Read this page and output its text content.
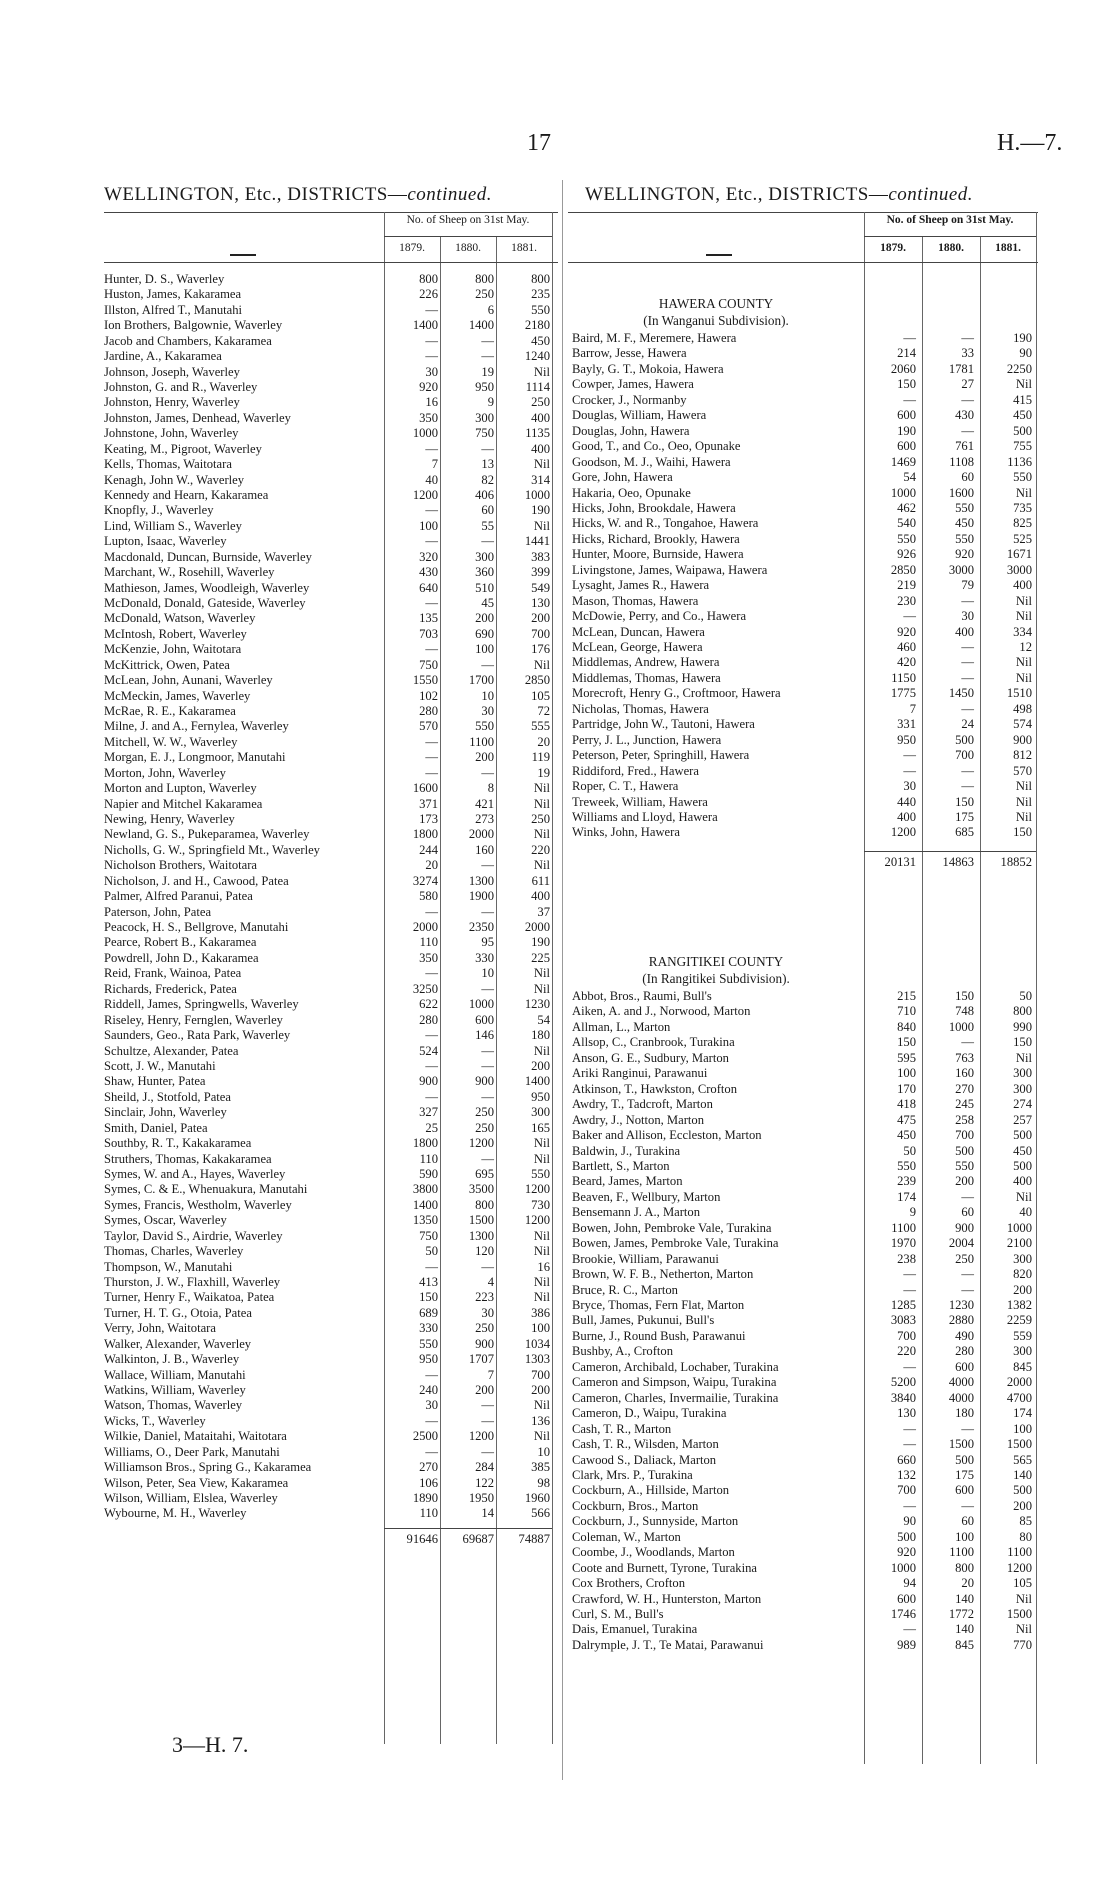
17	H.—7.
WELLINGTON, Etc., DISTRICTS—continued.	WELLINGTON, Etc., DISTRICTS—continued.
No. of Sheep on 31st May.
1879.	1880.	1881.
No. of Sheep on 31st May.
1879.	1880.	1881.
Hunter, D. S., Waverley	800	800	800
Huston, James, Kakaramea	226	250	235
Illston, Alfred T., Manutahi	—	6	550
Ion Brothers, Balgownie, Waverley	1400	1400	2180
Jacob and Chambers, Kakaramea	—	—	450
Jardine, A., Kakaramea	—	—	1240
Johnson, Joseph, Waverley	30	19	Nil
Johnston, G. and R., Waverley	920	950	1114
Johnston, Henry, Waverley	16	9	250
Johnston, James, Denhead, Waverley	350	300	400
Johnstone, John, Waverley	1000	750	1135
Keating, M., Pigroot, Waverley	—	—	400
Kells, Thomas, Waitotara	7	13	Nil
Kenagh, John W., Waverley	40	82	314
Kennedy and Hearn, Kakaramea	1200	406	1000
Knopfly, J., Waverley	—	60	190
Lind, William S., Waverley	100	55	Nil
Lupton, Isaac, Waverley	—	—	1441
Macdonald, Duncan, Burnside, Waverley	320	300	383
Marchant, W., Rosehill, Waverley	430	360	399
Mathieson, James, Woodleigh, Waverley	640	510	549
McDonald, Donald, Gateside, Waverley	—	45	130
McDonald, Watson, Waverley	135	200	200
McIntosh, Robert, Waverley	703	690	700
McKenzie, John, Waitotara	—	100	176
McKittrick, Owen, Patea	750	—	Nil
McLean, John, Aunani, Waverley	1550	1700	2850
McMeckin, James, Waverley	102	10	105
McRae, R. E., Kakaramea	280	30	72
Milne, J. and A., Fernylea, Waverley	570	550	555
Mitchell, W. W., Waverley	—	1100	20
Morgan, E. J., Longmoor, Manutahi	—	200	119
Morton, John, Waverley	—	—	19
Morton and Lupton, Waverley	1600	8	Nil
Napier and Mitchel Kakaramea	371	421	Nil
Newing, Henry, Waverley	173	273	250
Newland, G. S., Pukeparamea, Waverley	1800	2000	Nil
Nicholls, G. W., Springfield Mt., Waverley	244	160	220
Nicholson Brothers, Waitotara	20	—	Nil
Nicholson, J. and H., Cawood, Patea	3274	1300	611
Palmer, Alfred Paranui, Patea	580	1900	400
Paterson, John, Patea	—	—	37
Peacock, H. S., Bellgrove, Manutahi	2000	2350	2000
Pearce, Robert B., Kakaramea	110	95	190
Powdrell, John D., Kakaramea	350	330	225
Reid, Frank, Wainoa, Patea	—	10	Nil
Richards, Frederick, Patea	3250	—	Nil
Riddell, James, Springwells, Waverley	622	1000	1230
Riseley, Henry, Fernglen, Waverley	280	600	54
Saunders, Geo., Rata Park, Waverley	—	146	180
Schultze, Alexander, Patea	524	—	Nil
Scott, J. W., Manutahi	—	—	200
Shaw, Hunter, Patea	900	900	1400
Sheild, J., Stotfold, Patea	—	—	950
Sinclair, John, Waverley	327	250	300
Smith, Daniel, Patea	25	250	165
Southby, R. T., Kakakaramea	1800	1200	Nil
Struthers, Thomas, Kakakaramea	110	—	Nil
Symes, W. and A., Hayes, Waverley	590	695	550
Symes, C. & E., Whenuakura, Manutahi	3800	3500	1200
Symes, Francis, Westholm, Waverley	1400	800	730
Symes, Oscar, Waverley	1350	1500	1200
Taylor, David S., Airdrie, Waverley	750	1300	Nil
Thomas, Charles, Waverley	50	120	Nil
Thompson, W., Manutahi	—	—	16
Thurston, J. W., Flaxhill, Waverley	413	4	Nil
Turner, Henry F., Waikatoa, Patea	150	223	Nil
Turner, H. T. G., Otoia, Patea	689	30	386
Verry, John, Waitotara	330	250	100
Walker, Alexander, Waverley	550	900	1034
Walkinton, J. B., Waverley	950	1707	1303
Wallace, William, Manutahi	—	7	700
Watkins, William, Waverley	240	200	200
Watson, Thomas, Waverley	30	—	Nil
Wicks, T., Waverley	—	—	136
Wilkie, Daniel, Mataitahi, Waitotara	2500	1200	Nil
Williams, O., Deer Park, Manutahi	—	—	10
Williamson Bros., Spring G., Kakaramea	270	284	385
Wilson, Peter, Sea View, Kakaramea	106	122	98
Wilson, William, Elslea, Waverley	1890	1950	1960
Wybourne, M. H., Waverley	110	14	566
91646	69687	74887
HAWERA COUNTY
(In Wanganui Subdivision).
Baird, M. F., Meremere, Hawera	—	—	190
Barrow, Jesse, Hawera	214	33	90
Bayly, G. T., Mokoia, Hawera	2060	1781	2250
Cowper, James, Hawera	150	27	Nil
Crocker, J., Normanby	—	—	415
Douglas, William, Hawera	600	430	450
Douglas, John, Hawera	190	—	500
Good, T., and Co., Oeo, Opunake	600	761	755
Goodson, M. J., Waihi, Hawera	1469	1108	1136
Gore, John, Hawera	54	60	550
Hakaria, Oeo, Opunake	1000	1600	Nil
Hicks, John, Brookdale, Hawera	462	550	735
Hicks, W. and R., Tongahoe, Hawera	540	450	825
Hicks, Richard, Brookly, Hawera	550	550	525
Hunter, Moore, Burnside, Hawera	926	920	1671
Livingstone, James, Waipawa, Hawera	2850	3000	3000
Lysaght, James R., Hawera	219	79	400
Mason, Thomas, Hawera	230	—	Nil
McDowie, Perry, and Co., Hawera	—	30	Nil
McLean, Duncan, Hawera	920	400	334
McLean, George, Hawera	460	—	12
Middlemas, Andrew, Hawera	420	—	Nil
Middlemas, Thomas, Hawera	1150	—	Nil
Morecroft, Henry G., Croftmoor, Hawera	1775	1450	1510
Nicholas, Thomas, Hawera	7	—	498
Partridge, John W., Tautoni, Hawera	331	24	574
Perry, J. L., Junction, Hawera	950	500	900
Peterson, Peter, Springhill, Hawera	—	700	812
Riddiford, Fred., Hawera	—	—	570
Roper, C. T., Hawera	30	—	Nil
Treweek, William, Hawera	440	150	Nil
Williams and Lloyd, Hawera	400	175	Nil
Winks, John, Hawera	1200	685	150
20131	14863	18852
RANGITIKEI COUNTY
(In Rangitikei Subdivision).
Abbot, Bros., Raumi, Bull's	215	150	50
Aiken, A. and J., Norwood, Marton	710	748	800
Allman, L., Marton	840	1000	990
Allsop, C., Cranbrook, Turakina	150	—	150
Anson, G. E., Sudbury, Marton	595	763	Nil
Ariki Ranginui, Parawanui	100	160	300
Atkinson, T., Hawkston, Crofton	170	270	300
Awdry, T., Tadcroft, Marton	418	245	274
Awdry, J., Notton, Marton	475	258	257
Baker and Allison, Eccleston, Marton	450	700	500
Baldwin, J., Turakina	50	500	450
Bartlett, S., Marton	550	550	500
Beard, James, Marton	239	200	400
Beaven, F., Wellbury, Marton	174	—	Nil
Bensemann J. A., Marton	9	60	40
Bowen, John, Pembroke Vale, Turakina	1100	900	1000
Bowen, James, Pembroke Vale, Turakina	1970	2004	2100
Brookie, William, Parawanui	238	250	300
Brown, W. F. B., Netherton, Marton	—	—	820
Bruce, R. C., Marton	—	—	200
Bryce, Thomas, Fern Flat, Marton	1285	1230	1382
Bull, James, Pukunui, Bull's	3083	2880	2259
Burne, J., Round Bush, Parawanui	700	490	559
Bushby, A., Crofton	220	280	300
Cameron, Archibald, Lochaber, Turakina	—	600	845
Cameron and Simpson, Waipu, Turakina	5200	4000	2000
Cameron, Charles, Invermailie, Turakina	3840	4000	4700
Cameron, D., Waipu, Turakina	130	180	174
Cash, T. R., Marton	—	—	100
Cash, T. R., Wilsden, Marton	—	1500	1500
Cawood S., Daliack, Marton	660	500	565
Clark, Mrs. P., Turakina	132	175	140
Cockburn, A., Hillside, Marton	700	600	500
Cockburn, Bros., Marton	—	—	200
Cockburn, J., Sunnyside, Marton	90	60	85
Coleman, W., Marton	500	100	80
Coombe, J., Woodlands, Marton	920	1100	1100
Coote and Burnett, Tyrone, Turakina	1000	800	1200
Cox Brothers, Crofton	94	20	105
Crawford, W. H., Hunterston, Marton	600	140	Nil
Curl, S. M., Bull's	1746	1772	1500
Dais, Emanuel, Turakina	—	140	Nil
Dalrymple, J. T., Te Matai, Parawanui	989	845	770
3—H. 7.
